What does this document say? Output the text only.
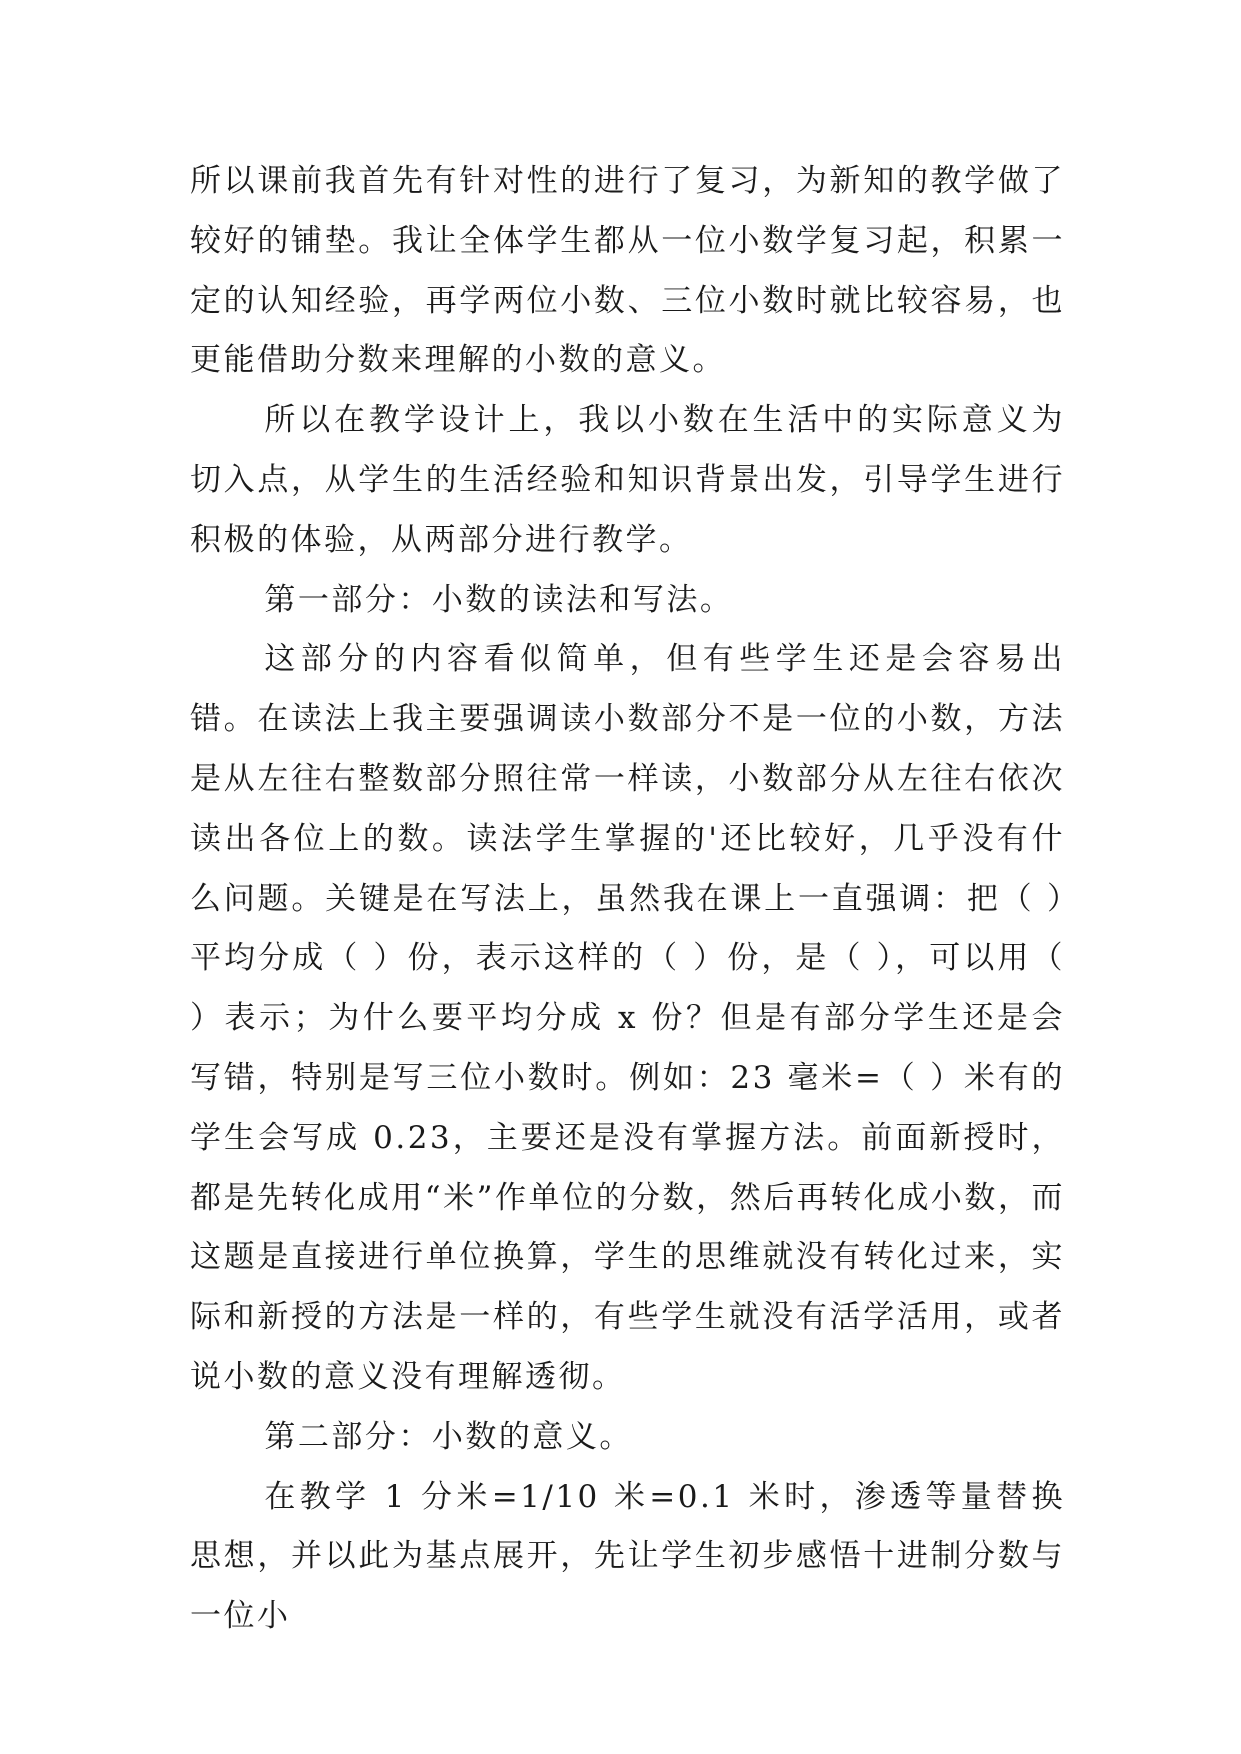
所以课前我首先有针对性的进行了复习，为新知的教学做了较好的铺垫。我让全体学生都从一位小数学复习起，积累一定的认知经验，再学两位小数、三位小数时就比较容易，也更能借助分数来理解的小数的意义。

所以在教学设计上，我以小数在生活中的实际意义为切入点，从学生的生活经验和知识背景出发，引导学生进行积极的体验，从两部分进行教学。

第一部分：小数的读法和写法。

这部分的内容看似简单，但有些学生还是会容易出错。在读法上我主要强调读小数部分不是一位的小数，方法是从左往右整数部分照往常一样读，小数部分从左往右依次读出各位上的数。读法学生掌握的'还比较好，几乎没有什么问题。关键是在写法上，虽然我在课上一直强调：把（ ）平均分成（ ）份，表示这样的（ ）份，是（ ），可以用（ ）表示；为什么要平均分成 x 份？但是有部分学生还是会写错，特别是写三位小数时。例如：23 毫米=（ ）米有的学生会写成 0.23，主要还是没有掌握方法。前面新授时，都是先转化成用“米”作单位的分数，然后再转化成小数，而这题是直接进行单位换算，学生的思维就没有转化过来，实际和新授的方法是一样的，有些学生就没有活学活用，或者说小数的意义没有理解透彻。

第二部分：小数的意义。

在教学 1 分米=1/10 米=0.1 米时，渗透等量替换思想，并以此为基点展开，先让学生初步感悟十进制分数与一位小
